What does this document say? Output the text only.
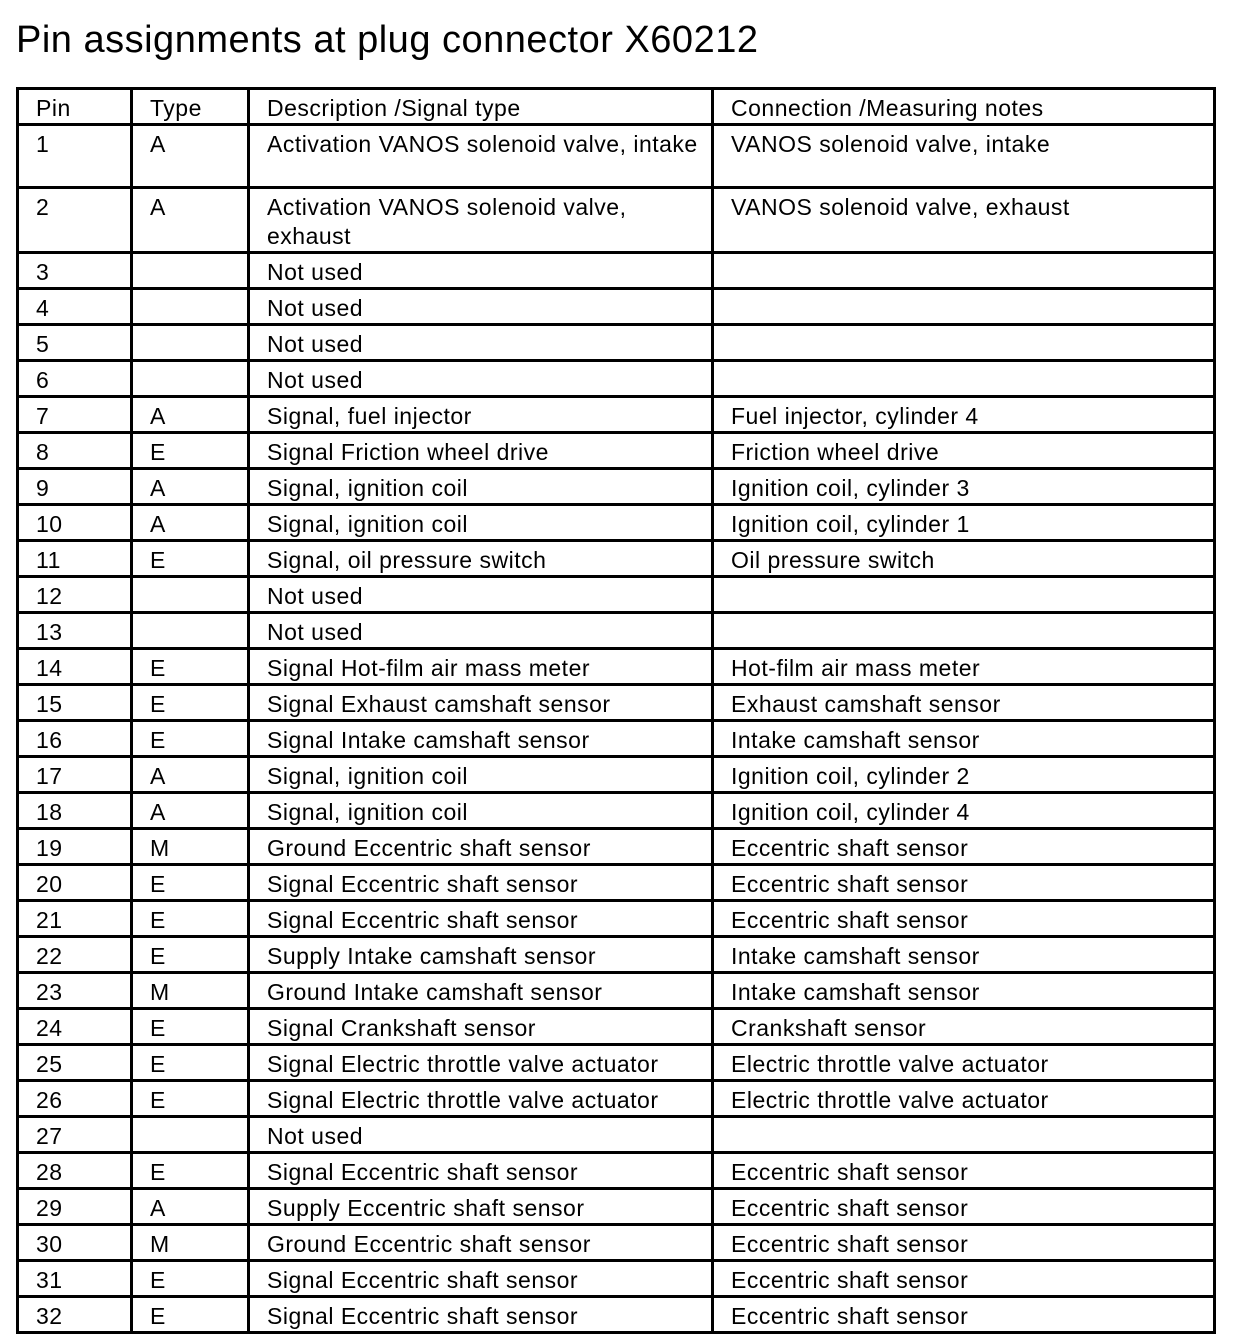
Pin assignments at plug connector X60212
Pin	Type	Description /Signal type	Connection /Measuring notes
1	A	Activation VANOS solenoid valve, intake	VANOS solenoid valve, intake
2	A	Activation VANOS solenoid valve, exhaust	VANOS solenoid valve, exhaust
3		Not used	
4		Not used	
5		Not used	
6		Not used	
7	A	Signal, fuel injector	Fuel injector, cylinder 4
8	E	Signal Friction wheel drive	Friction wheel drive
9	A	Signal, ignition coil	Ignition coil, cylinder 3
10	A	Signal, ignition coil	Ignition coil, cylinder 1
11	E	Signal, oil pressure switch	Oil pressure switch
12		Not used	
13		Not used	
14	E	Signal Hot-film air mass meter	Hot-film air mass meter
15	E	Signal Exhaust camshaft sensor	Exhaust camshaft sensor
16	E	Signal Intake camshaft sensor	Intake camshaft sensor
17	A	Signal, ignition coil	Ignition coil, cylinder 2
18	A	Signal, ignition coil	Ignition coil, cylinder 4
19	M	Ground Eccentric shaft sensor	Eccentric shaft sensor
20	E	Signal Eccentric shaft sensor	Eccentric shaft sensor
21	E	Signal Eccentric shaft sensor	Eccentric shaft sensor
22	E	Supply Intake camshaft sensor	Intake camshaft sensor
23	M	Ground Intake camshaft sensor	Intake camshaft sensor
24	E	Signal Crankshaft sensor	Crankshaft sensor
25	E	Signal Electric throttle valve actuator	Electric throttle valve actuator
26	E	Signal Electric throttle valve actuator	Electric throttle valve actuator
27		Not used	
28	E	Signal Eccentric shaft sensor	Eccentric shaft sensor
29	A	Supply Eccentric shaft sensor	Eccentric shaft sensor
30	M	Ground Eccentric shaft sensor	Eccentric shaft sensor
31	E	Signal Eccentric shaft sensor	Eccentric shaft sensor
32	E	Signal Eccentric shaft sensor	Eccentric shaft sensor
